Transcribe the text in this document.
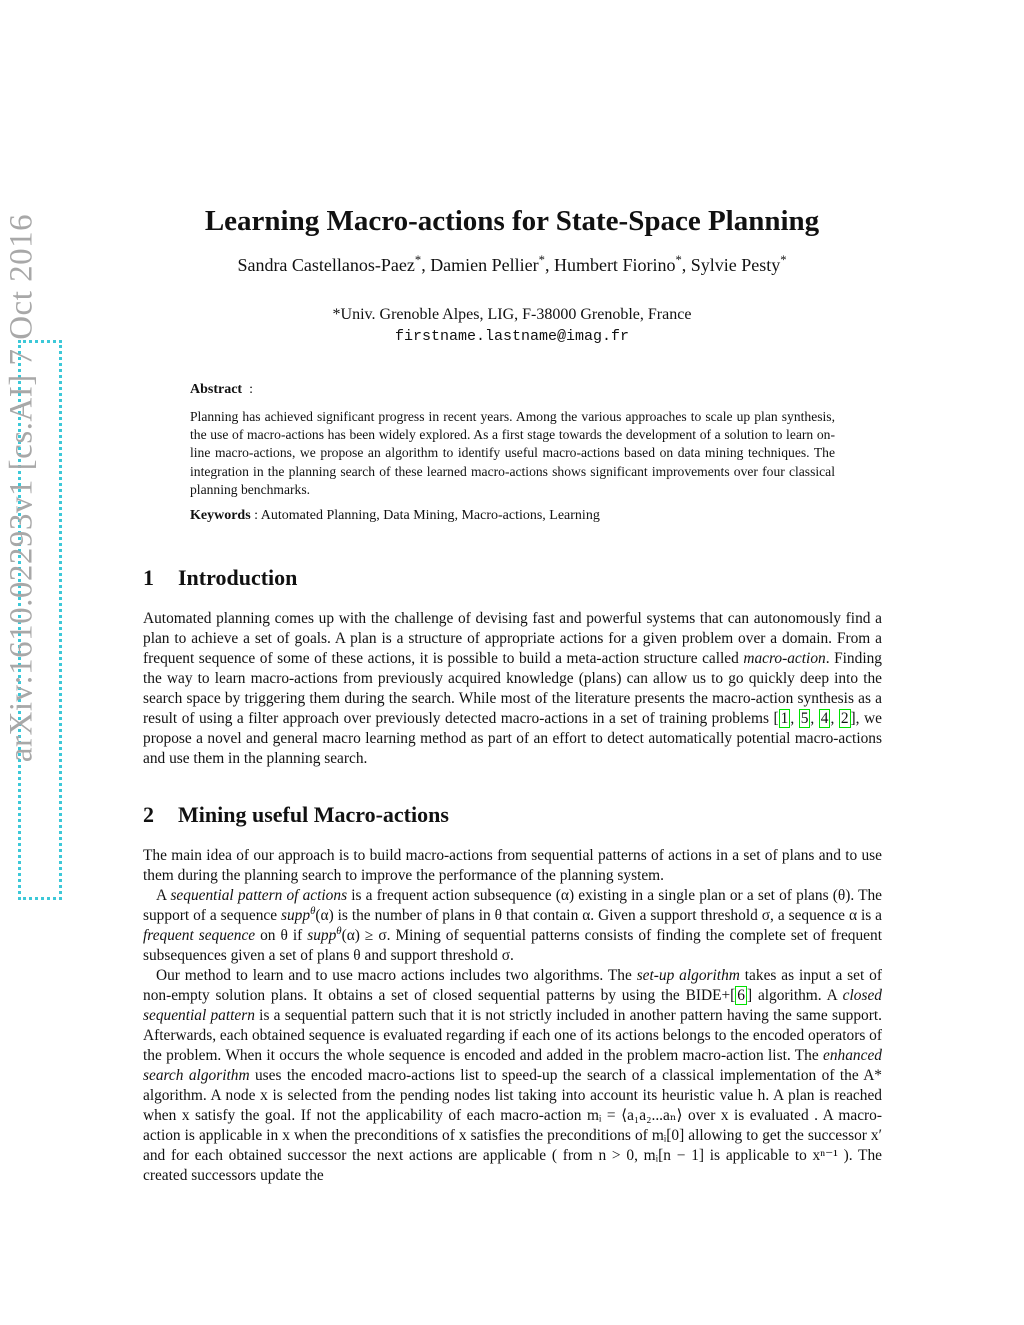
arXiv:1610.02293v1 [cs.AI] 7 Oct 2016	Learning Macro-actions for State-Space Planning
Sandra Castellanos-Paez*, Damien Pellier*, Humbert Fiorino*, Sylvie Pesty*
*Univ. Grenoble Alpes, LIG, F-38000 Grenoble, France
firstname.lastname@imag.fr
Abstract  :
Planning has achieved significant progress in recent years. Among the various approaches to scale up plan synthesis, the use of macro-actions has been widely explored. As a first stage towards the development of a solution to learn on-line macro-actions, we propose an algorithm to identify useful macro-actions based on data mining techniques. The integration in the planning search of these learned macro-actions shows significant improvements over four classical planning benchmarks.
Keywords : Automated Planning, Data Mining, Macro-actions, Learning
1 Introduction

Automated planning comes up with the challenge of devising fast and powerful systems that can autonomously find a plan to achieve a set of goals. A plan is a structure of appropriate actions for a given problem over a domain. From a frequent sequence of some of these actions, it is possible to build a meta-action structure called macro-action. Finding the way to learn macro-actions from previously acquired knowledge (plans) can allow us to go quickly deep into the search space by triggering them during the search. While most of the literature presents the macro-action synthesis as a result of using a filter approach over previously detected macro-actions in a set of training problems [ 1 , 5 , 4 , 2 ], we propose a novel and general macro learning method as part of an effort to detect automatically potential macro-actions and use them in the planning search.

2 Mining useful Macro-actions

The main idea of our approach is to build macro-actions from sequential patterns of actions in a set of plans and to use them during the planning search to improve the performance of the planning system.

A sequential pattern of actions is a frequent action subsequence (α) existing in a single plan or a set of plans (θ). The support of a sequence supp$^\theta$(α) is the number of plans in θ that contain α. Given a support threshold σ, a sequence α is a frequent sequence on θ if supp$^\theta$(α) ≥ σ. Mining of sequential patterns consists of finding the complete set of frequent subsequences given a set of plans θ and support threshold σ.

Our method to learn and to use macro actions includes two algorithms. The set-up algorithm takes as input a set of non-empty solution plans. It obtains a set of closed sequential patterns by using the BIDE+[ 6 ] algorithm. A closed sequential pattern is a sequential pattern such that it is not strictly included in another pattern having the same support. Afterwards, each obtained sequence is evaluated regarding if each one of its actions belongs to the encoded operators of the problem. When it occurs the whole sequence is encoded and added in the problem macro-action list. The enhanced search algorithm uses the encoded macro-actions list to speed-up the search of a classical implementation of the A* algorithm. A node x is selected from the pending nodes list taking into account its heuristic value h. A plan is reached when x satisfy the goal. If not the applicability of each macro-action mᵢ = ⟨a₁a₂...aₙ⟩ over x is evaluated . A macro-action is applicable in x when the preconditions of x satisfies the preconditions of mᵢ[0] allowing to get the successor x′ and for each obtained successor the next actions are applicable ( from n > 0, mᵢ[n − 1] is applicable to xⁿ⁻¹ ). The created successors update the
